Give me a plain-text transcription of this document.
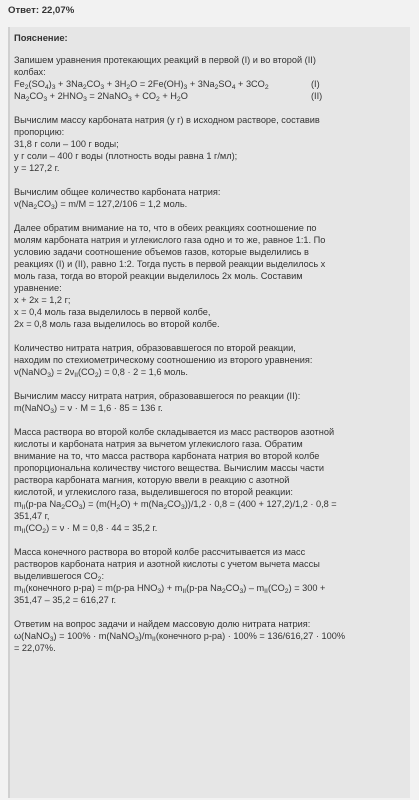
Ответ: 22,07%
Пояснение:
Запишем уравнения протекающих реакций в первой (I) и во второй (II)
колбах:
$Fe_2(SO_4)_3 + 3Na_2CO_3 + 3H_2O = 2Fe(OH)_3 + 3Na_2SO_4 + 3CO_2$	(I)
$Na_2CO_3 + 2HNO_3$ = 2NaNO$_3$ + $CO_2 + H_2O$	(II)
Вычислим массу карбоната натрия (у г) в исходном растворе, составив
пропорцию:
31,8 г соли – 100 г воды;
у г соли – 400 г воды (плотность воды равна 1 г/мл);
у = 127,2 г.
Вычислим общее количество карбоната натрия:
$\nu(Na_2CO_3) = m/M = 127,2/106 = 1,2$ моль.
Далее обратим внимание на то, что в обеих реакциях соотношение по
молям карбоната натрия и углекислого газа одно и то же, равное 1:1. По
условию задачи соотношение объемов газов, которые выделились в
реакциях (I) и (II), равно 1:2. Тогда пусть в первой реакции выделилось х
моль газа, тогда во второй реакции выделилось 2х моль. Составим
уравнение:
х + 2х = 1,2 г;
х = 0,4 моль газа выделилось в первой колбе,
2х = 0,8 моль газа выделилось во второй колбе.
Количество нитрата натрия, образовавшегося по второй реакции,
находим по стехиометрическому соотношению из второго уравнения:
ν(NaNO$_3$) = $2\nu_{II}(CO_2) = 0,8 \cdot 2 = 1,6$ моль.
Вычислим массу нитрата натрия, образовавшегося по реакции (II):
m(NaNO$_3$) = ν · M = 1,6 · 85 = 136 г.
Масса раствора во второй колбе складывается из масс растворов азотной
кислоты и карбоната натрия за вычетом углекислого газа. Обратим
внимание на то, что масса раствора карбоната натрия во второй колбе
пропорциональна количеству чистого вещества. Вычислим массы части
раствора карбоната магния, которую ввели в реакцию с азотной
кислотой, и углекислого газа, выделившегося по второй реакции:
$m_{II}(р-ра$ $Na_2CO_3) = (m(H_2O) + m(Na_2CO_3))/1,2 \cdot 0,8 = (400 + 127,2)/1,2 \cdot 0,8$ =
351,47 г,
$m_{II}(CO_2) = \nu \cdot M = 0,8 \cdot 44 = 35,2$ г.
Масса конечного раствора во второй колбе рассчитывается из масс
растворов карбоната натрия и азотной кислоты с учетом вычета массы
выделившегося $CO_2$:
$m_{II}(конечного$ р-ра) = m(р-ра $HNO_3) + m_{II}(р-ра$ $Na_2CO_3) - m_{II}(CO_2) = 300$ +
351,47 – 35,2 = 616,27 г.
Ответим на вопрос задачи и найдем массовую долю нитрата натрия:
ω(NaNO$_3$) = $100\% \cdot m(NaNO_3)/m_{II}(конечного$ р-ра) · 100% = 136/616,27 · 100%
= 22,07%.
